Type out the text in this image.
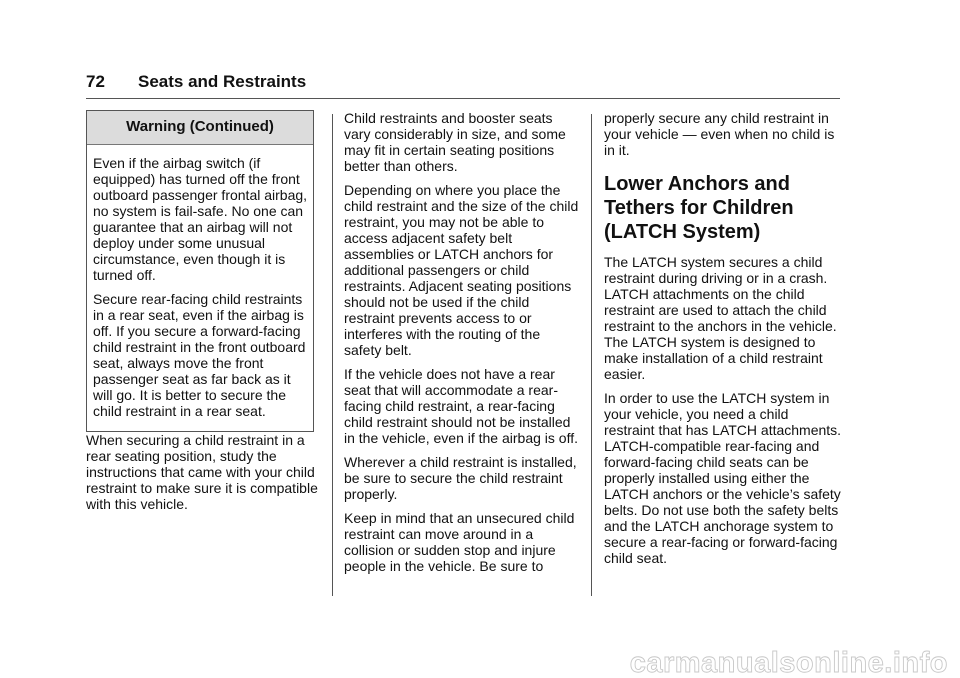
72 Seats and Restraints
Warning (Continued)

Even if the airbag switch (if equipped) has turned off the front outboard passenger frontal airbag, no system is fail-safe. No one can guarantee that an airbag will not deploy under some unusual circumstance, even though it is turned off.

Secure rear-facing child restraints in a rear seat, even if the airbag is off. If you secure a forward-facing child restraint in the front outboard seat, always move the front passenger seat as far back as it will go. It is better to secure the child restraint in a rear seat.

When securing a child restraint in a rear seating position, study the instructions that came with your child restraint to make sure it is compatible with this vehicle.

Child restraints and booster seats vary considerably in size, and some may fit in certain seating positions better than others.

Depending on where you place the child restraint and the size of the child restraint, you may not be able to access adjacent safety belt assemblies or LATCH anchors for additional passengers or child restraints. Adjacent seating positions should not be used if the child restraint prevents access to or interferes with the routing of the safety belt.

If the vehicle does not have a rear seat that will accommodate a rear-facing child restraint, a rear-facing child restraint should not be installed in the vehicle, even if the airbag is off.

Wherever a child restraint is installed, be sure to secure the child restraint properly.

Keep in mind that an unsecured child restraint can move around in a collision or sudden stop and injure people in the vehicle. Be sure to

properly secure any child restraint in your vehicle — even when no child is in it.

Lower Anchors and

Tethers for Children

(LATCH System)

The LATCH system secures a child restraint during driving or in a crash. LATCH attachments on the child restraint are used to attach the child restraint to the anchors in the vehicle. The LATCH system is designed to make installation of a child restraint easier.

In order to use the LATCH system in your vehicle, you need a child restraint that has LATCH attachments. LATCH-compatible rear-facing and forward-facing child seats can be properly installed using either the LATCH anchors or the vehicle’s safety belts. Do not use both the safety belts and the LATCH anchorage system to secure a rear-facing or forward-facing child seat.

carmanualsonline.info
